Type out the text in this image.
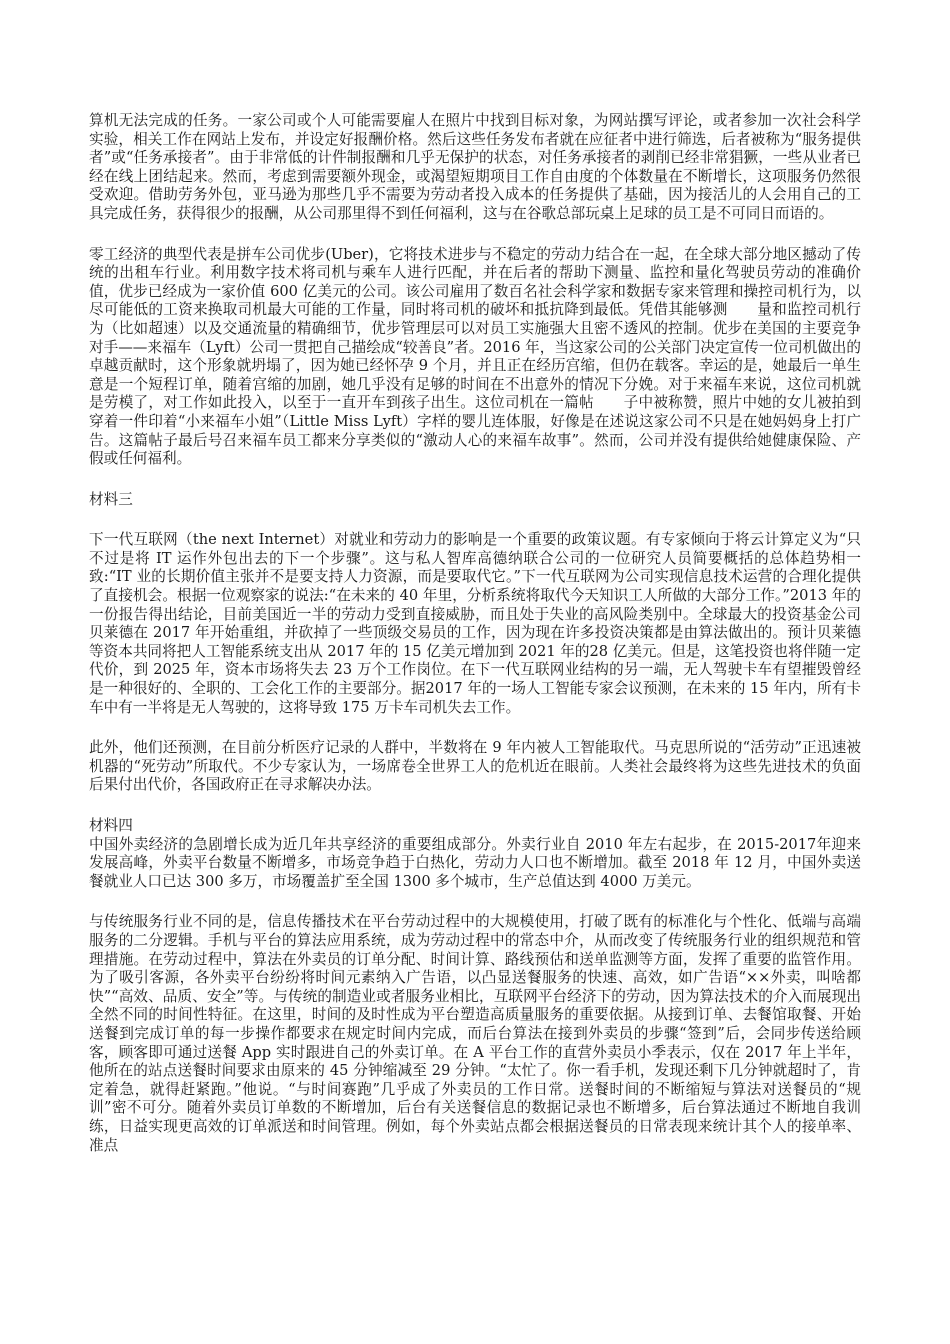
算机无法完成的任务。一家公司或个人可能需要雇人在照片中找到目标对象，为网站撰写评论，或者参加一次社会科学实验，相关工作在网站上发布，并设定好报酬价格。然后这些任务发布者就在应征者中进行筛选，后者被称为“服务提供者”或“任务承接者”。由于非常低的计件制报酬和几乎无保护的状态，对任务承接者的剥削已经非常猖獗，一些从业者已经在线上团结起来。然而，考虑到需要额外现金，或渴望短期项目工作自由度的个体数量在不断增长，这项服务仍然很受欢迎。借助劳务外包，亚马逊为那些几乎不需要为劳动者投入成本的任务提供了基础，因为接活儿的人会用自己的工具完成任务，获得很少的报酬，从公司那里得不到任何福利，这与在谷歌总部玩桌上足球的员工是不可同日而语的。

零工经济的典型代表是拼车公司优步(Uber)，它将技术进步与不稳定的劳动力结合在一起，在全球大部分地区撼动了传统的出租车行业。利用数字技术将司机与乘车人进行匹配，并在后者的帮助下测量、监控和量化驾驶员劳动的准确价值，优步已经成为一家价值 600 亿美元的公司。该公司雇用了数百名社会科学家和数据专家来管理和操控司机行为，以尽可能低的工资来换取司机最大可能的工作量，同时将司机的破坏和抵抗降到最低。凭借其能够测　　量和监控司机行为（比如超速）以及交通流量的精确细节，优步管理层可以对员工实施强大且密不透风的控制。优步在美国的主要竞争对手——来福车（Lyft）公司一贯把自己描绘成“较善良”者。2016 年，当这家公司的公关部门决定宣传一位司机做出的卓越贡献时，这个形象就坍塌了，因为她已经怀孕 9 个月，并且正在经历宫缩，但仍在载客。幸运的是，她最后一单生意是一个短程订单，随着宫缩的加剧，她几乎没有足够的时间在不出意外的情况下分娩。对于来福车来说，这位司机就是劳模了，对工作如此投入，以至于一直开车到孩子出生。这位司机在一篇帖　　子中被称赞，照片中她的女儿被拍到穿着一件印着“小来福车小姐”（Little Miss Lyft）字样的婴儿连体服，好像是在述说这家公司不只是在她妈妈身上打广告。这篇帖子最后号召来福车员工都来分享类似的“激动人心的来福车故事”。然而，公司并没有提供给她健康保险、产假或任何福利。

材料三

下一代互联网（the next Internet）对就业和劳动力的影响是一个重要的政策议题。有专家倾向于将云计算定义为“只不过是将 IT 运作外包出去的下一个步骤”。这与私人智库高德纳联合公司的一位研究人员简要概括的总体趋势相一致:“IT 业的长期价值主张并不是要支持人力资源，而是要取代它。”下一代互联网为公司实现信息技术运营的合理化提供了直接机会。根据一位观察家的说法:“在未来的 40 年里，分析系统将取代今天知识工人所做的大部分工作。”2013 年的一份报告得出结论，目前美国近一半的劳动力受到直接威胁，而且处于失业的高风险类别中。全球最大的投资基金公司贝莱德在 2017 年开始重组，并砍掉了一些顶级交易员的工作，因为现在许多投资决策都是由算法做出的。预计贝莱德等资本共同将把人工智能系统支出从 2017 年的 15 亿美元增加到 2021 年的28 亿美元。但是，这笔投资也将伴随一定代价，到 2025 年，资本市场将失去 23 万个工作岗位。在下一代互联网业结构的另一端，无人驾驶卡车有望摧毁曾经是一种很好的、全职的、工会化工作的主要部分。据2017 年的一场人工智能专家会议预测，在未来的 15 年内，所有卡车中有一半将是无人驾驶的，这将导致 175 万卡车司机失去工作。

此外，他们还预测，在目前分析医疗记录的人群中，半数将在 9 年内被人工智能取代。马克思所说的“活劳动”正迅速被机器的“死劳动”所取代。不少专家认为，一场席卷全世界工人的危机近在眼前。人类社会最终将为这些先进技术的负面后果付出代价，各国政府正在寻求解决办法。

材料四

中国外卖经济的急剧增长成为近几年共享经济的重要组成部分。外卖行业自 2010 年左右起步，在 2015-2017年迎来发展高峰，外卖平台数量不断增多，市场竞争趋于白热化，劳动力人口也不断增加。截至 2018 年 12 月，中国外卖送餐就业人口已达 300 多万，市场覆盖扩至全国 1300 多个城市，生产总值达到 4000 万美元。

与传统服务行业不同的是，信息传播技术在平台劳动过程中的大规模使用，打破了既有的标准化与个性化、低端与高端服务的二分逻辑。手机与平台的算法应用系统，成为劳动过程中的常态中介，从而改变了传统服务行业的组织规范和管理措施。在劳动过程中，算法在外卖员的订单分配、时间计算、路线预估和送单监测等方面，发挥了重要的监管作用。为了吸引客源，各外卖平台纷纷将时间元素纳入广告语，以凸显送餐服务的快速、高效，如广告语“××外卖，叫啥都快”“高效、品质、安全”等。与传统的制造业或者服务业相比，互联网平台经济下的劳动，因为算法技术的介入而展现出全然不同的时间性特征。在这里，时间的及时性成为平台塑造高质量服务的重要依据。从接到订单、去餐馆取餐、开始送餐到完成订单的每一步操作都要求在规定时间内完成，而后台算法在接到外卖员的步骤“签到”后，会同步传送给顾客，顾客即可通过送餐 App 实时跟进自己的外卖订单。在 A 平台工作的直营外卖员小季表示，仅在 2017 年上半年，他所在的站点送餐时间要求由原来的 45 分钟缩减至 29 分钟。“太忙了。你一看手机，发现还剩下几分钟就超时了，肯定着急，就得赶紧跑。”他说。“与时间赛跑”几乎成了外卖员的工作日常。送餐时间的不断缩短与算法对送餐员的“规训”密不可分。随着外卖员订单数的不断增加，后台有关送餐信息的数据记录也不断增多，后台算法通过不断地自我训练，日益实现更高效的订单派送和时间管理。例如，每个外卖站点都会根据送餐员的日常表现来统计其个人的接单率、准点
